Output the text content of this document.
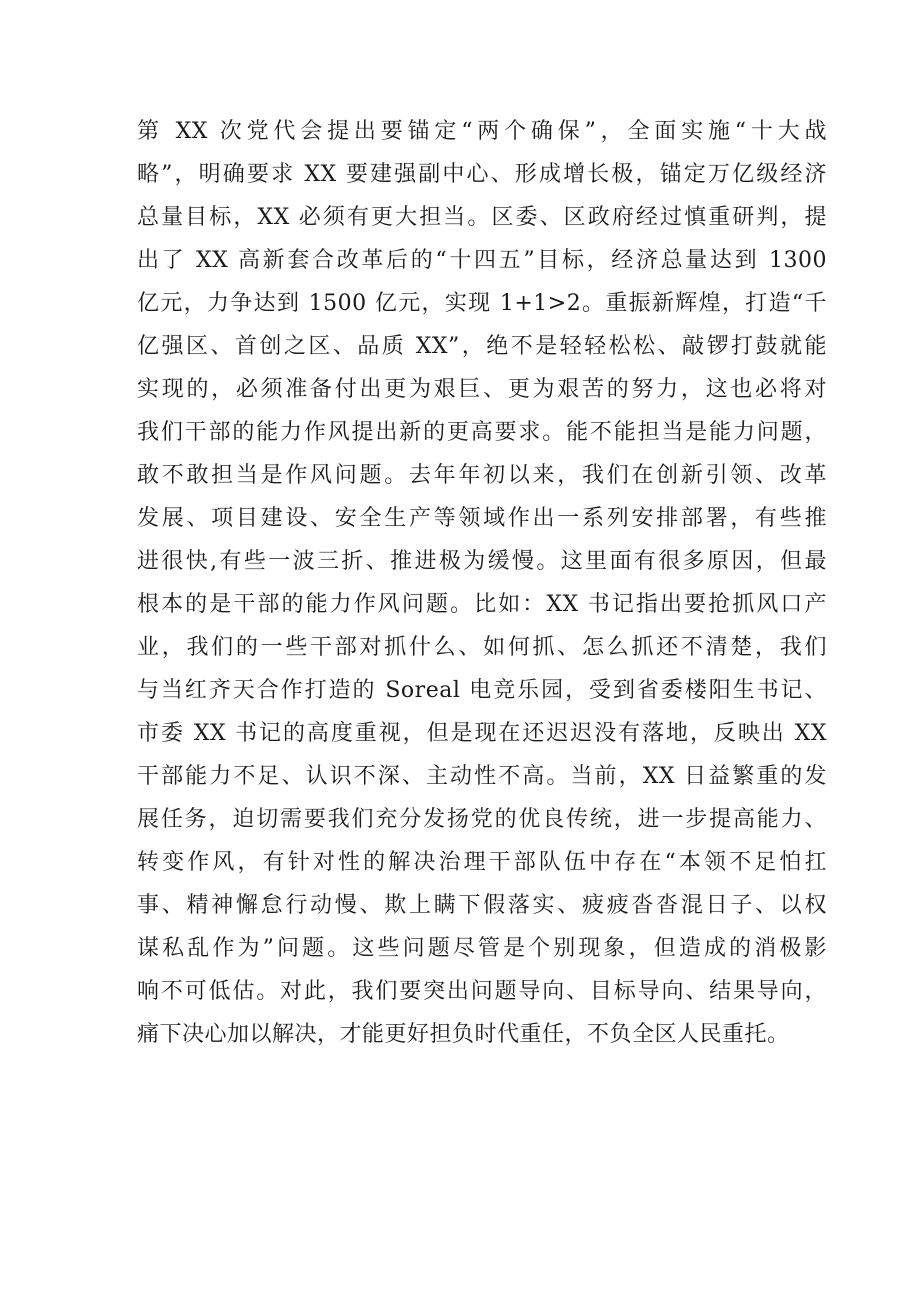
第 XX 次党代会提出要锚定“两个确保”，全面实施“十大战
略”，明确要求 XX 要建强副中心、形成增长极，锚定万亿级经济
总量目标，XX 必须有更大担当。区委、区政府经过慎重研判，提
出了 XX 高新套合改革后的“十四五”目标，经济总量达到 1300
亿元，力争达到 1500 亿元，实现 1+1>2。重振新辉煌，打造“千
亿强区、首创之区、品质 XX”，绝不是轻轻松松、敲锣打鼓就能
实现的，必须准备付出更为艰巨、更为艰苦的努力，这也必将对
我们干部的能力作风提出新的更高要求。能不能担当是能力问题，
敢不敢担当是作风问题。去年年初以来，我们在创新引领、改革
发展、项目建设、安全生产等领域作出一系列安排部署，有些推
进很快,有些一波三折、推进极为缓慢。这里面有很多原因，但最
根本的是干部的能力作风问题。比如：XX 书记指出要抢抓风口产
业，我们的一些干部对抓什么、如何抓、怎么抓还不清楚，我们
与当红齐天合作打造的 Soreal 电竞乐园，受到省委楼阳生书记、
市委 XX 书记的高度重视，但是现在还迟迟没有落地，反映出 XX
干部能力不足、认识不深、主动性不高。当前，XX 日益繁重的发
展任务，迫切需要我们充分发扬党的优良传统，进一步提高能力、
转变作风，有针对性的解决治理干部队伍中存在“本领不足怕扛
事、精神懈怠行动慢、欺上瞒下假落实、疲疲沓沓混日子、以权
谋私乱作为”问题。这些问题尽管是个别现象，但造成的消极影
响不可低估。对此，我们要突出问题导向、目标导向、结果导向，
痛下决心加以解决，才能更好担负时代重任，不负全区人民重托。
